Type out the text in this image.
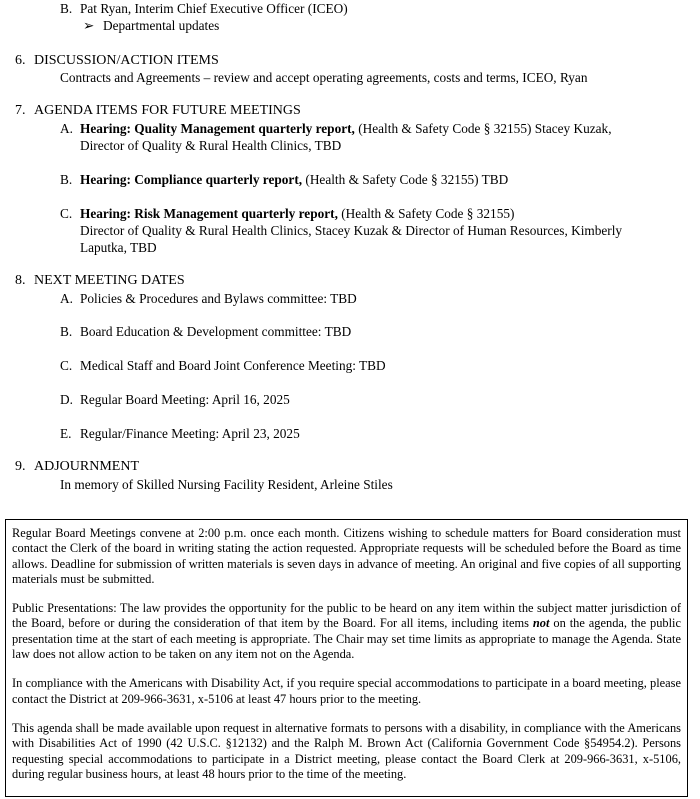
B. Pat Ryan, Interim Chief Executive Officer (ICEO)
➢ Departmental updates
6. DISCUSSION/ACTION ITEMS
Contracts and Agreements – review and accept operating agreements, costs and terms, ICEO, Ryan
7. AGENDA ITEMS FOR FUTURE MEETINGS
A. Hearing: Quality Management quarterly report, (Health & Safety Code § 32155) Stacey Kuzak,
Director of Quality & Rural Health Clinics, TBD
B. Hearing: Compliance quarterly report, (Health & Safety Code § 32155) TBD
C. Hearing: Risk Management quarterly report, (Health & Safety Code § 32155)
Director of Quality & Rural Health Clinics, Stacey Kuzak & Director of Human Resources, Kimberly
Laputka, TBD
8. NEXT MEETING DATES
A. Policies & Procedures and Bylaws committee: TBD
B. Board Education & Development committee: TBD
C. Medical Staff and Board Joint Conference Meeting: TBD
D. Regular Board Meeting: April 16, 2025
E. Regular/Finance Meeting: April 23, 2025
9. ADJOURNMENT
In memory of Skilled Nursing Facility Resident, Arleine Stiles

Regular Board Meetings convene at 2:00 p.m. once each month. Citizens wishing to schedule matters for Board consideration must contact the Clerk of the board in writing stating the action requested. Appropriate requests will be scheduled before the Board as time allows. Deadline for submission of written materials is seven days in advance of meeting. An original and five copies of all supporting materials must be submitted.

Public Presentations: The law provides the opportunity for the public to be heard on any item within the subject matter jurisdiction of the Board, before or during the consideration of that item by the Board. For all items, including items not on the agenda, the public presentation time at the start of each meeting is appropriate. The Chair may set time limits as appropriate to manage the Agenda. State law does not allow action to be taken on any item not on the Agenda.

In compliance with the Americans with Disability Act, if you require special accommodations to participate in a board meeting, please contact the District at 209-966-3631, x-5106 at least 47 hours prior to the meeting.

This agenda shall be made available upon request in alternative formats to persons with a disability, in compliance with the Americans with Disabilities Act of 1990 (42 U.S.C. §12132) and the Ralph M. Brown Act (California Government Code §54954.2). Persons requesting special accommodations to participate in a District meeting, please contact the Board Clerk at 209-966-3631, x-5106, during regular business hours, at least 48 hours prior to the time of the meeting.
